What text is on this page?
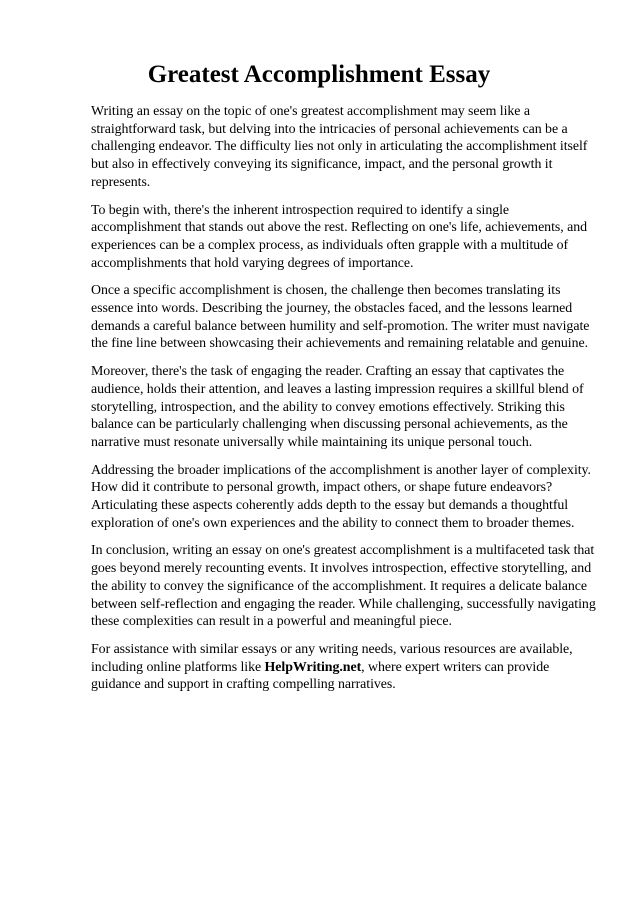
Greatest Accomplishment Essay

Writing an essay on the topic of one's greatest accomplishment may seem like a straightforward task, but delving into the intricacies of personal achievements can be a challenging endeavor. The difficulty lies not only in articulating the accomplishment itself but also in effectively conveying its significance, impact, and the personal growth it represents.

To begin with, there's the inherent introspection required to identify a single accomplishment that stands out above the rest. Reflecting on one's life, achievements, and experiences can be a complex process, as individuals often grapple with a multitude of accomplishments that hold varying degrees of importance.

Once a specific accomplishment is chosen, the challenge then becomes translating its essence into words. Describing the journey, the obstacles faced, and the lessons learned demands a careful balance between humility and self-promotion. The writer must navigate the fine line between showcasing their achievements and remaining relatable and genuine.

Moreover, there's the task of engaging the reader. Crafting an essay that captivates the audience, holds their attention, and leaves a lasting impression requires a skillful blend of storytelling, introspection, and the ability to convey emotions effectively. Striking this balance can be particularly challenging when discussing personal achievements, as the narrative must resonate universally while maintaining its unique personal touch.

Addressing the broader implications of the accomplishment is another layer of complexity. How did it contribute to personal growth, impact others, or shape future endeavors? Articulating these aspects coherently adds depth to the essay but demands a thoughtful exploration of one's own experiences and the ability to connect them to broader themes.

In conclusion, writing an essay on one's greatest accomplishment is a multifaceted task that goes beyond merely recounting events. It involves introspection, effective storytelling, and the ability to convey the significance of the accomplishment. It requires a delicate balance between self-reflection and engaging the reader. While challenging, successfully navigating these complexities can result in a powerful and meaningful piece.

For assistance with similar essays or any writing needs, various resources are available, including online platforms like HelpWriting.net, where expert writers can provide guidance and support in crafting compelling narratives.
